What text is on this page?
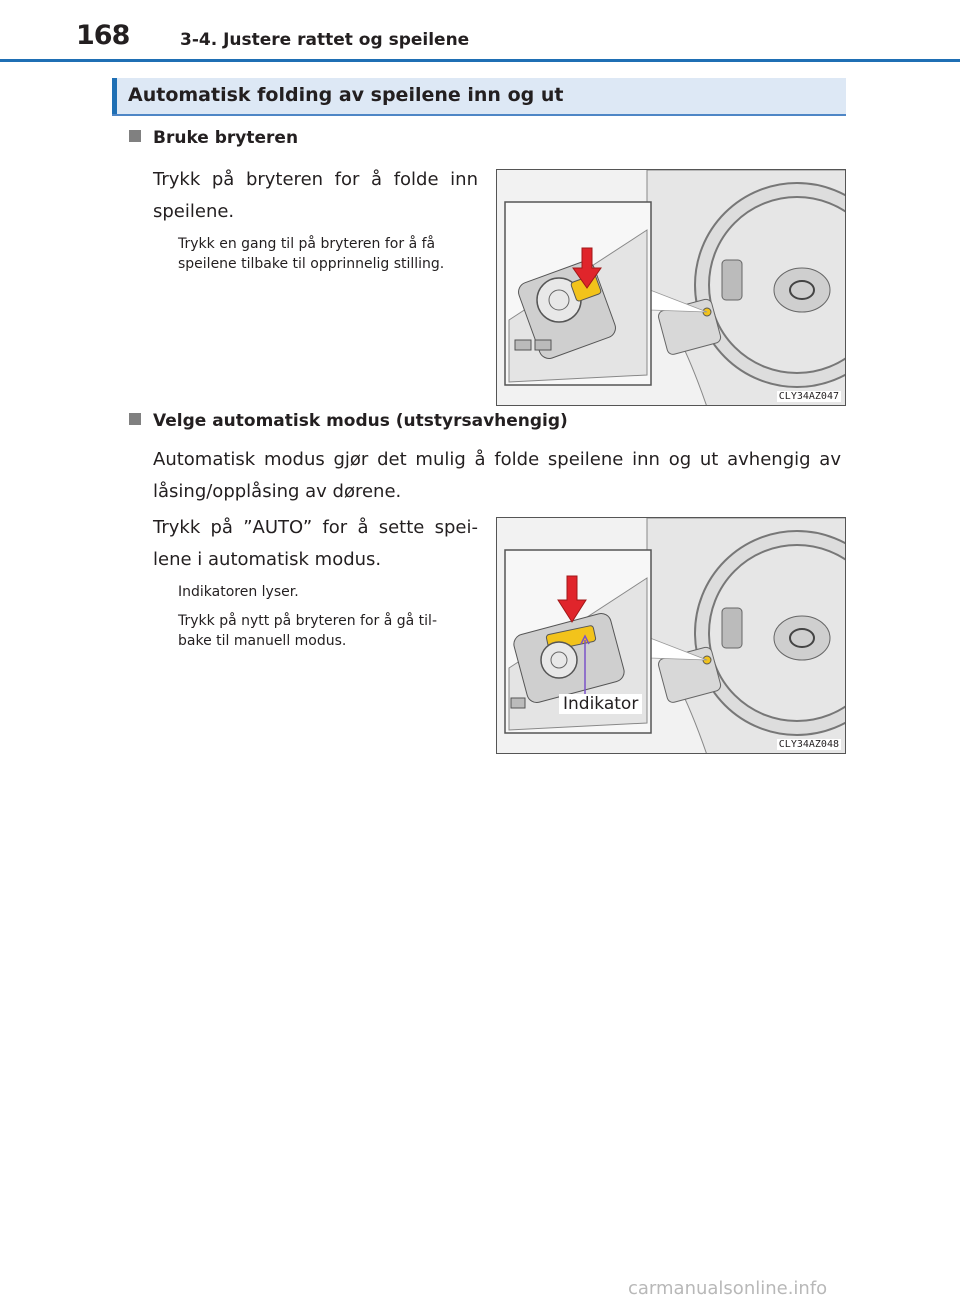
168	3-4. Justere rattet og speilene
Automatisk folding av speilene inn og ut
Bruke bryteren
Trykk på bryteren for å folde inn
speilene.
Trykk en gang til på bryteren for å få
speilene tilbake til opprinnelig stilling.
CLY34AZ047
Velge automatisk modus (utstyrsavhengig)
Automatisk modus gjør det mulig å folde speilene inn og ut avhengig av
låsing/opplåsing av dørene.
Trykk på ”AUTO” for å sette spei-
lene i automatisk modus.
Indikatoren lyser.
Trykk på nytt på bryteren for å gå til-
bake til manuell modus.
Indikator
CLY34AZ048
carmanualsonline.info
